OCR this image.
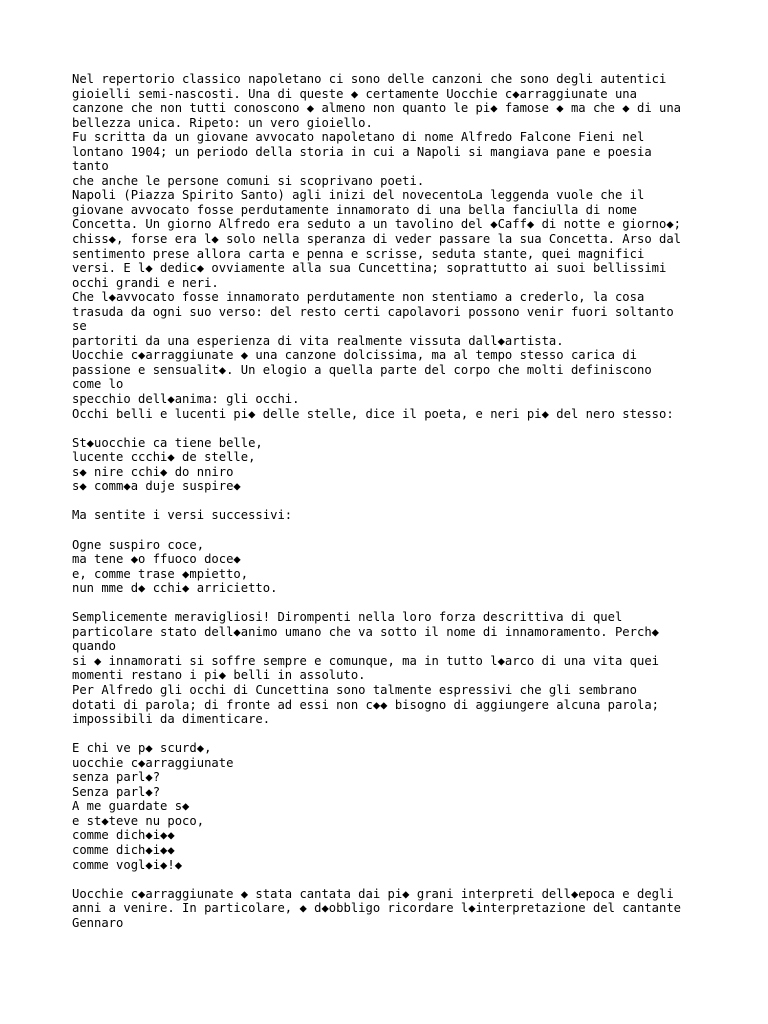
Nel repertorio classico napoletano ci sono delle canzoni che sono degli autentici
gioielli semi-nascosti. Una di queste ◆ certamente Uocchie c◆arraggiunate una
canzone che non tutti conoscono ◆ almeno non quanto le pi◆ famose ◆ ma che ◆ di una
bellezza unica. Ripeto: un vero gioiello.
Fu scritta da un giovane avvocato napoletano di nome Alfredo Falcone Fieni nel
lontano 1904; un periodo della storia in cui a Napoli si mangiava pane e poesia
tanto
che anche le persone comuni si scoprivano poeti.
Napoli (Piazza Spirito Santo) agli inizi del novecentoLa leggenda vuole che il
giovane avvocato fosse perdutamente innamorato di una bella fanciulla di nome
Concetta. Un giorno Alfredo era seduto a un tavolino del ◆Caff◆ di notte e giorno◆;
chiss◆, forse era l◆ solo nella speranza di veder passare la sua Concetta. Arso dal
sentimento prese allora carta e penna e scrisse, seduta stante, quei magnifici
versi. E l◆ dedic◆ ovviamente alla sua Cuncettina; soprattutto ai suoi bellissimi
occhi grandi e neri.
Che l◆avvocato fosse innamorato perdutamente non stentiamo a crederlo, la cosa
trasuda da ogni suo verso: del resto certi capolavori possono venir fuori soltanto
se
partoriti da una esperienza di vita realmente vissuta dall◆artista.
Uocchie c◆arraggiunate ◆ una canzone dolcissima, ma al tempo stesso carica di
passione e sensualit◆. Un elogio a quella parte del corpo che molti definiscono
come lo
specchio dell◆anima: gli occhi.
Occhi belli e lucenti pi◆ delle stelle, dice il poeta, e neri pi◆ del nero stesso:
St◆uocchie ca tiene belle,
lucente ccchi◆ de stelle,
s◆ nire cchi◆ do nniro
s◆ comm◆a duje suspire◆
Ma sentite i versi successivi:
Ogne suspiro coce,
ma tene ◆o ffuoco doce◆
e, comme trase ◆mpietto,
nun mme d◆ cchi◆ arricietto.
Semplicemente meravigliosi! Dirompenti nella loro forza descrittiva di quel
particolare stato dell◆animo umano che va sotto il nome di innamoramento. Perch◆
quando
si ◆ innamorati si soffre sempre e comunque, ma in tutto l◆arco di una vita quei
momenti restano i pi◆ belli in assoluto.
Per Alfredo gli occhi di Cuncettina sono talmente espressivi che gli sembrano
dotati di parola; di fronte ad essi non c◆◆ bisogno di aggiungere alcuna parola;
impossibili da dimenticare.
E chi ve p◆ scurd◆,
uocchie c◆arraggiunate
senza parl◆?
Senza parl◆?
A me guardate s◆
e st◆teve nu poco,
comme dich◆i◆◆
comme dich◆i◆◆
comme vogl◆i◆!◆
Uocchie c◆arraggiunate ◆ stata cantata dai pi◆ grani interpreti dell◆epoca e degli
anni a venire. In particolare, ◆ d◆obbligo ricordare l◆interpretazione del cantante
Gennaro
